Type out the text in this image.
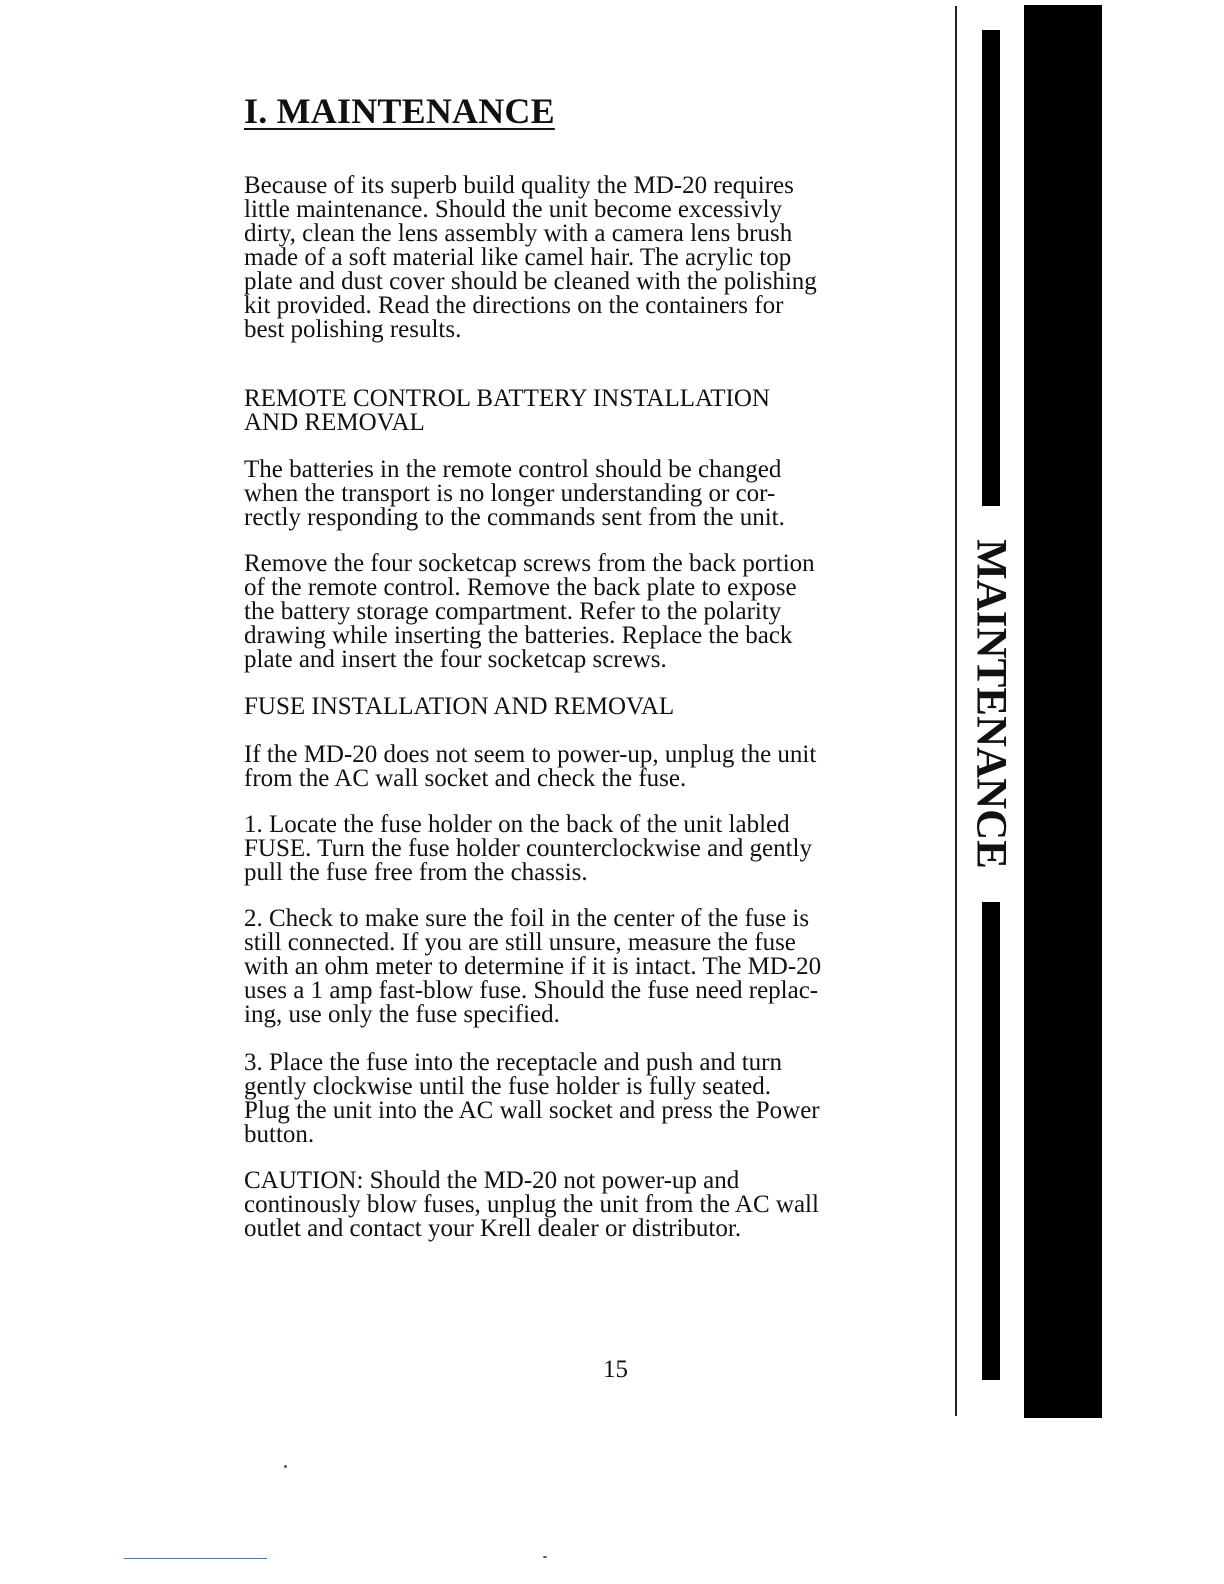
I. MAINTENANCE

Because of its superb build quality the MD-20 requires
little maintenance. Should the unit become excessivly
dirty, clean the lens assembly with a camera lens brush
made of a soft material like camel hair. The acrylic top
plate and dust cover should be cleaned with the polishing
kit provided. Read the directions on the containers for
best polishing results.

REMOTE CONTROL BATTERY INSTALLATION
AND REMOVAL

The batteries in the remote control should be changed
when the transport is no longer understanding or cor-
rectly responding to the commands sent from the unit.

Remove the four socketcap screws from the back portion
of the remote control. Remove the back plate to expose
the battery storage compartment. Refer to the polarity
drawing while inserting the batteries. Replace the back
plate and insert the four socketcap screws.

FUSE INSTALLATION AND REMOVAL

If the MD-20 does not seem to power-up, unplug the unit
from the AC wall socket and check the fuse.

1. Locate the fuse holder on the back of the unit labled
FUSE. Turn the fuse holder counterclockwise and gently
pull the fuse free from the chassis.

2. Check to make sure the foil in the center of the fuse is
still connected. If you are still unsure, measure the fuse
with an ohm meter to determine if it is intact. The MD-20
uses a 1 amp fast-blow fuse. Should the fuse need replac-
ing, use only the fuse specified.

3. Place the fuse into the receptacle and push and turn
gently clockwise until the fuse holder is fully seated.
Plug the unit into the AC wall socket and press the Power
button.

CAUTION: Should the MD-20 not power-up and
continously blow fuses, unplug the unit from the AC wall
outlet and contact your Krell dealer or distributor.

15
MAINTENANCE
